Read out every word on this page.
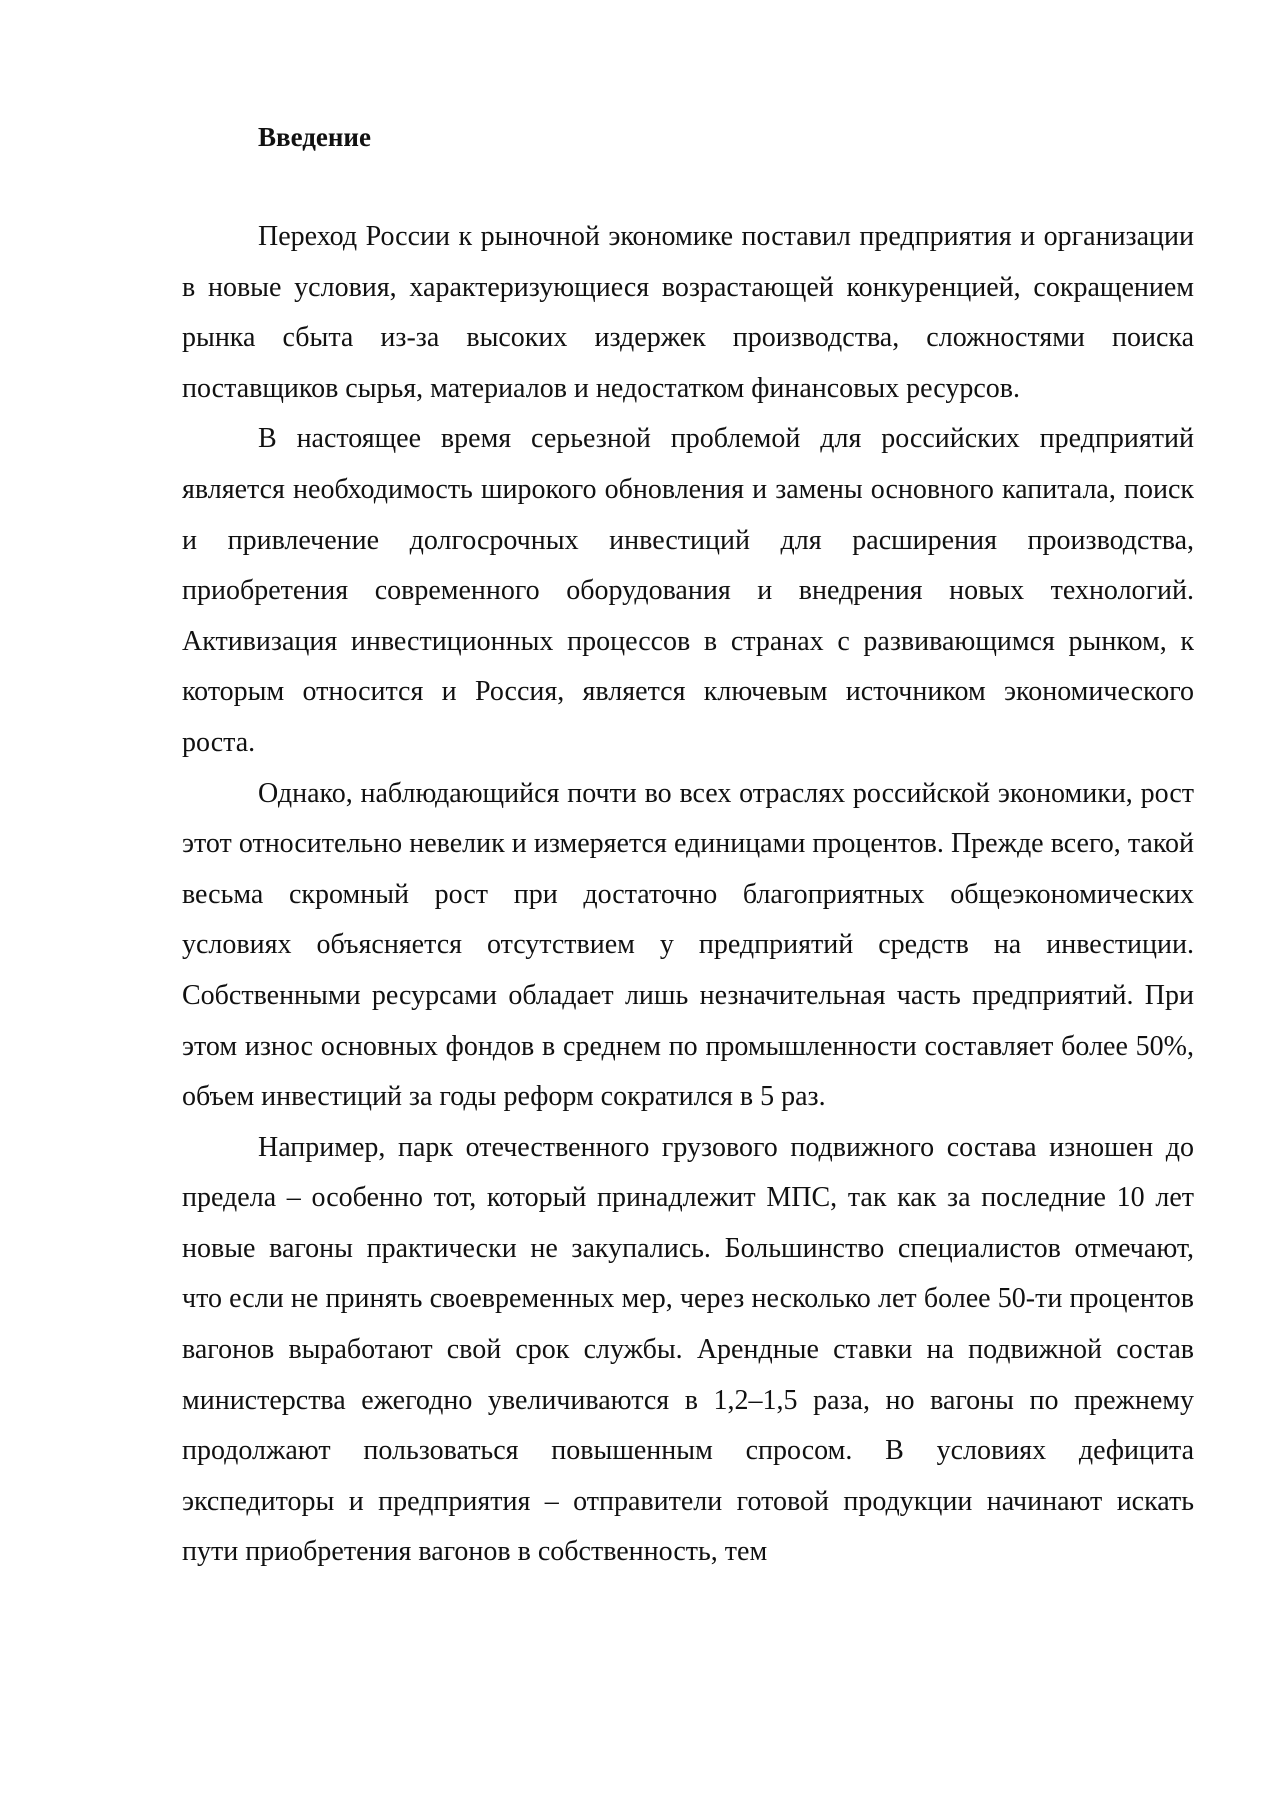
Введение

Переход России к рыночной экономике поставил предприятия и организации в новые условия, характеризующиеся возрастающей конкуренцией, сокращением рынка сбыта из-за высоких издержек производства, сложностями поиска поставщиков сырья, материалов и недостатком финансовых ресурсов.

В настоящее время серьезной проблемой для российских предприятий является необходимость широкого обновления и замены основного капитала, поиск и привлечение долгосрочных инвестиций для расширения производства, приобретения современного оборудования и внедрения новых технологий. Активизация инвестиционных процессов в странах с развивающимся рынком, к которым относится и Россия, является ключевым источником экономического роста.

Однако, наблюдающийся почти во всех отраслях российской экономики, рост этот относительно невелик и измеряется единицами процентов. Прежде всего, такой весьма скромный рост при достаточно благоприятных общеэкономических условиях объясняется отсутствием у предприятий средств на инвестиции. Собственными ресурсами обладает лишь незначительная часть предприятий. При этом износ основных фондов в среднем по промышленности составляет более 50%, объем инвестиций за годы реформ сократился в 5 раз.

Например, парк отечественного грузового подвижного состава изношен до предела – особенно тот, который принадлежит МПС, так как за последние 10 лет новые вагоны практически не закупались. Большинство специалистов отмечают, что если не принять своевременных мер, через несколько лет более 50-ти процентов вагонов выработают свой срок службы. Арендные ставки на подвижной состав министерства ежегодно увеличиваются в 1,2–1,5 раза, но вагоны по прежнему продолжают пользоваться повышенным спросом. В условиях дефицита экспедиторы и предприятия – отправители готовой продукции начинают искать пути приобретения вагонов в собственность, тем
